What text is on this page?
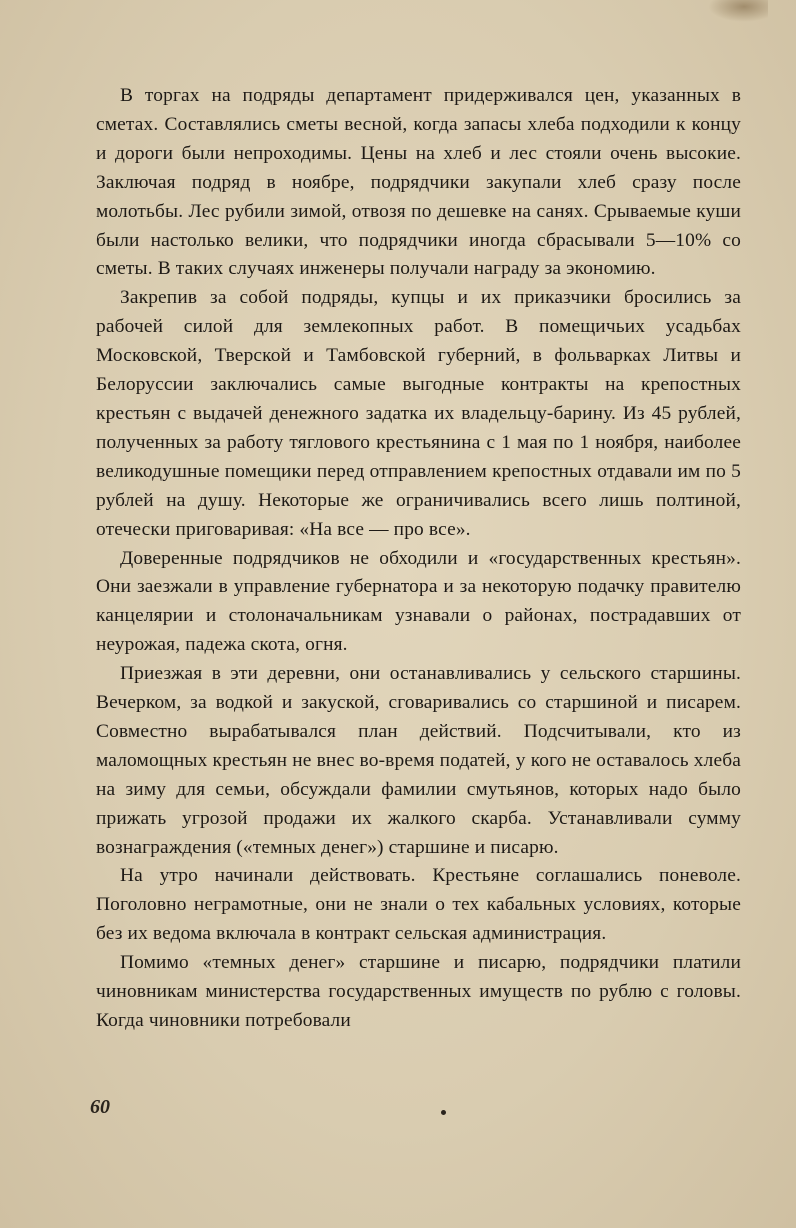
В торгах на подряды департамент придерживался цен, указанных в сметах. Составлялись сметы весной, когда запасы хлеба подходили к концу и дороги были непроходимы. Цены на хлеб и лес стояли очень высокие. Заключая подряд в ноябре, подрядчики закупали хлеб сразу после молотьбы. Лес рубили зимой, отвозя по дешевке на санях. Срываемые куши были настолько велики, что подрядчики иногда сбрасывали 5—10% со сметы. В таких случаях инженеры получали награду за экономию.

Закрепив за собой подряды, купцы и их приказчики бросились за рабочей силой для землекопных работ. В помещичьих усадьбах Московской, Тверской и Тамбовской губерний, в фольварках Литвы и Белоруссии заключались самые выгодные контракты на крепостных крестьян с выдачей денежного задатка их владельцу-барину. Из 45 рублей, полученных за работу тяглового крестьянина с 1 мая по 1 ноября, наиболее великодушные помещики перед отправлением крепостных отдавали им по 5 рублей на душу. Некоторые же ограничивались всего лишь полтиной, отечески приговаривая: «На все — про все».

Доверенные подрядчиков не обходили и «государственных крестьян». Они заезжали в управление губернатора и за некоторую подачку правителю канцелярии и столоначальникам узнавали о районах, пострадавших от неурожая, падежа скота, огня.

Приезжая в эти деревни, они останавливались у сельского старшины. Вечерком, за водкой и закуской, сговаривались со старшиной и писарем. Совместно вырабатывался план действий. Подсчитывали, кто из маломощных крестьян не внес во-время податей, у кого не оставалось хлеба на зиму для семьи, обсуждали фамилии смутьянов, которых надо было прижать угрозой продажи их жалкого скарба. Устанавливали сумму вознаграждения («темных денег») старшине и писарю.

На утро начинали действовать. Крестьяне соглашались поневоле. Поголовно неграмотные, они не знали о тех кабальных условиях, которые без их ведома включала в контракт сельская администрация.

Помимо «темных денег» старшине и писарю, подрядчики платили чиновникам министерства государственных имуществ по рублю с головы. Когда чиновники потребовали

60
